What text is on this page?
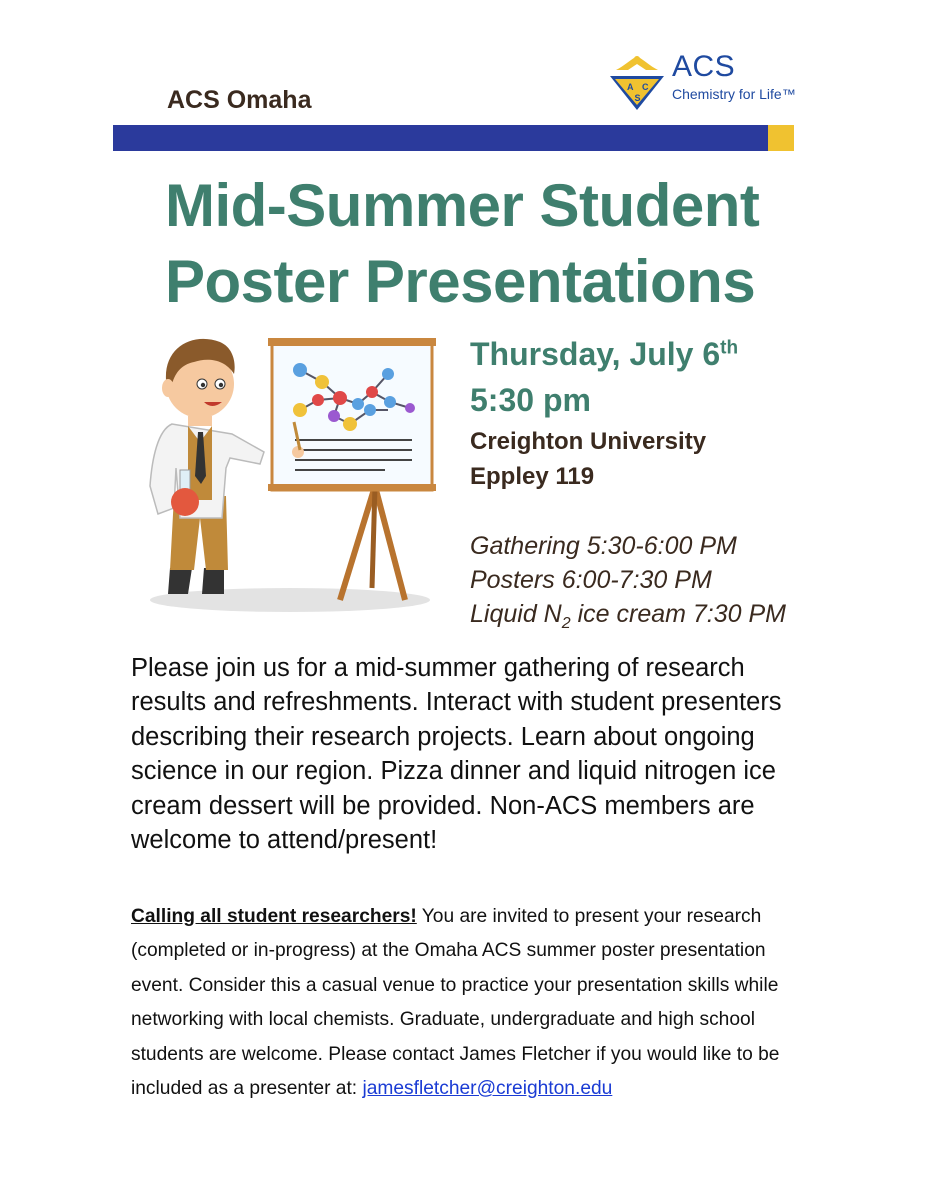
ACS Omaha	A C
S
ACS
Chemistry for Life™
Mid-Summer Student
Poster Presentations
Thursday, July 6th
5:30 pm
Creighton University
Eppley 119
Gathering 5:30-6:00 PM
Posters 6:00-7:30 PM
Liquid $N_2$ ice cream 7:30 PM
Please join us for a mid-summer gathering of research results and refreshments. Interact with student presenters describing their research projects. Learn about ongoing science in our region. Pizza dinner and liquid nitrogen ice cream dessert will be provided. Non-ACS members are welcome to attend/present!
Calling all student researchers! You are invited to present your research (completed or in-progress) at the Omaha ACS summer poster presentation event. Consider this a casual venue to practice your presentation skills while networking with local chemists. Graduate, undergraduate and high school students are welcome. Please contact James Fletcher if you would like to be included as a presenter at: jamesfletcher@creighton.edu
